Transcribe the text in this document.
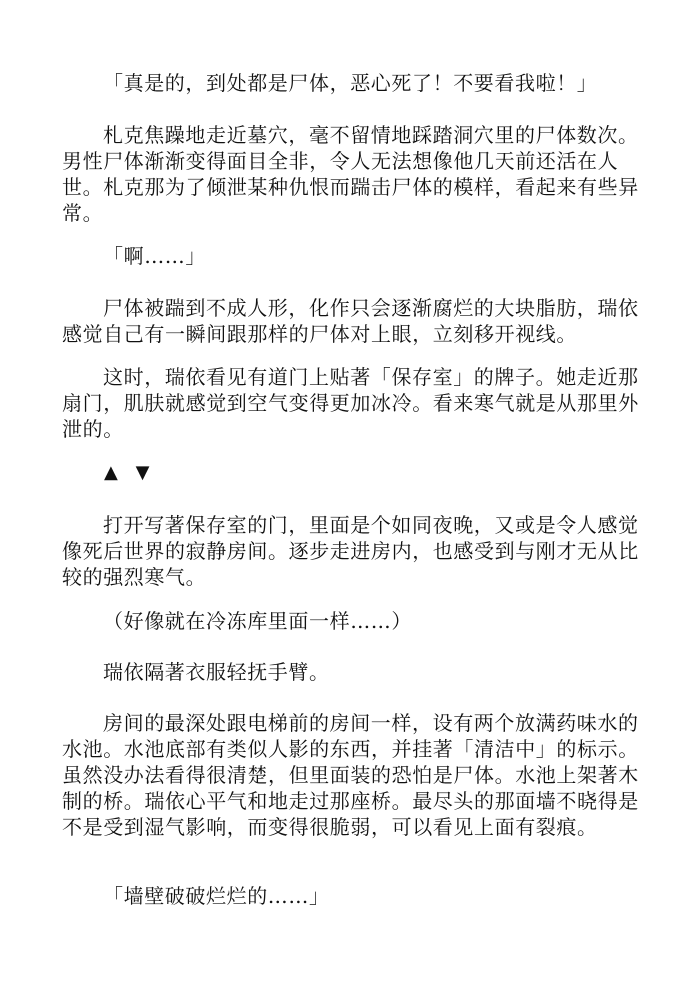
「真是的，到处都是尸体，恶心死了！不要看我啦！」

札克焦躁地走近墓穴，毫不留情地踩踏洞穴里的尸体数次。男性尸体渐渐变得面目全非，令人无法想像他几天前还活在人世。札克那为了倾泄某种仇恨而踹击尸体的模样，看起来有些异常。

「啊……」

尸体被踹到不成人形，化作只会逐渐腐烂的大块脂肪，瑞依感觉自己有一瞬间跟那样的尸体对上眼，立刻移开视线。

这时，瑞依看见有道门上贴著「保存室」的牌子。她走近那扇门，肌肤就感觉到空气变得更加冰冷。看来寒气就是从那里外泄的。

▲ ▼

打开写著保存室的门，里面是个如同夜晚，又或是令人感觉像死后世界的寂静房间。逐步走进房内，也感受到与刚才无从比较的强烈寒气。

（好像就在冷冻库里面一样……）

瑞依隔著衣服轻抚手臂。

房间的最深处跟电梯前的房间一样，设有两个放满药味水的水池。水池底部有类似人影的东西，并挂著「清洁中」的标示。虽然没办法看得很清楚，但里面装的恐怕是尸体。水池上架著木制的桥。瑞依心平气和地走过那座桥。最尽头的那面墙不晓得是不是受到湿气影响，而变得很脆弱，可以看见上面有裂痕。

「墙壁破破烂烂的……」
